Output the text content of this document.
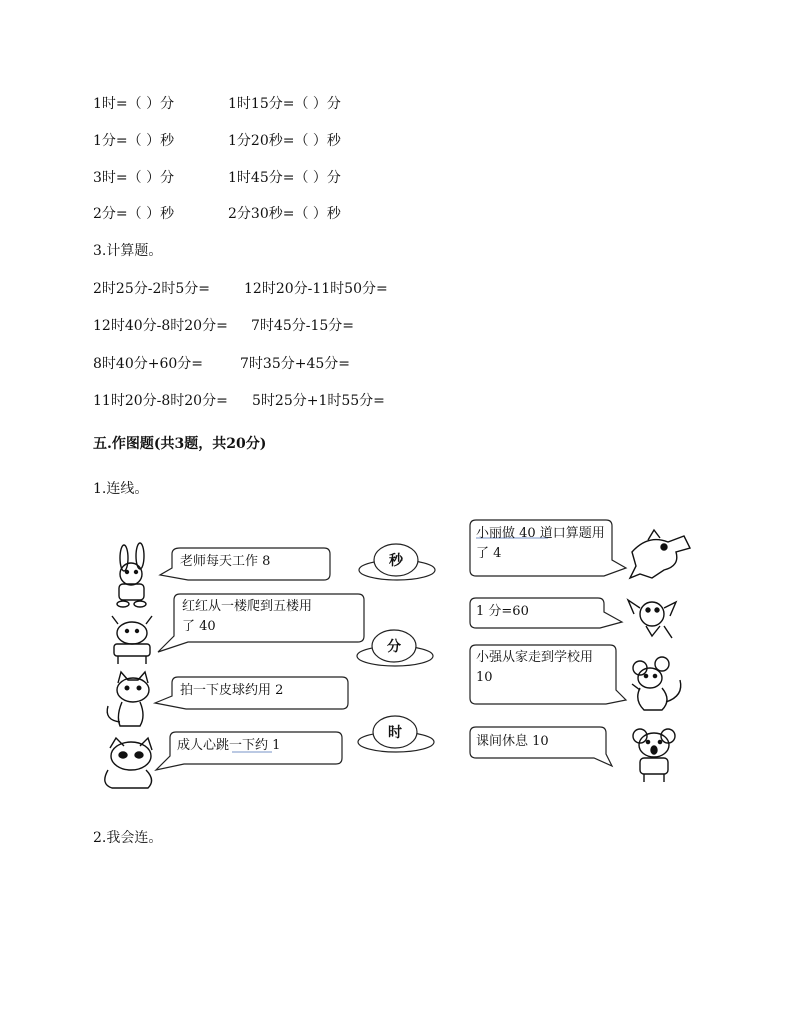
1时=（ ）分	1时15分=（ ）分
1分=（ ）秒	1分20秒=（ ）秒
3时=（ ）分	1时45分=（ ）分
2分=（ ）秒	2分30秒=（ ）秒
3.计算题。
2时25分-2时5分= 12时20分-11时50分=
12时40分-8时20分= 7时45分-15分=
8时40分+60分=	7时35分+45分=
11时20分-8时20分= 5时25分+1时55分=
五.作图题(共3题，共20分)
1.连线。
2.我会连。
老师每天工作 8
红红从一楼爬到五楼用
了 40
拍一下皮球约用 2
成人心跳一下约 1
小丽做 40 道口算题用
了 4
1 分=60
小强从家走到学校用
10
课间休息 10
秒
分
时
